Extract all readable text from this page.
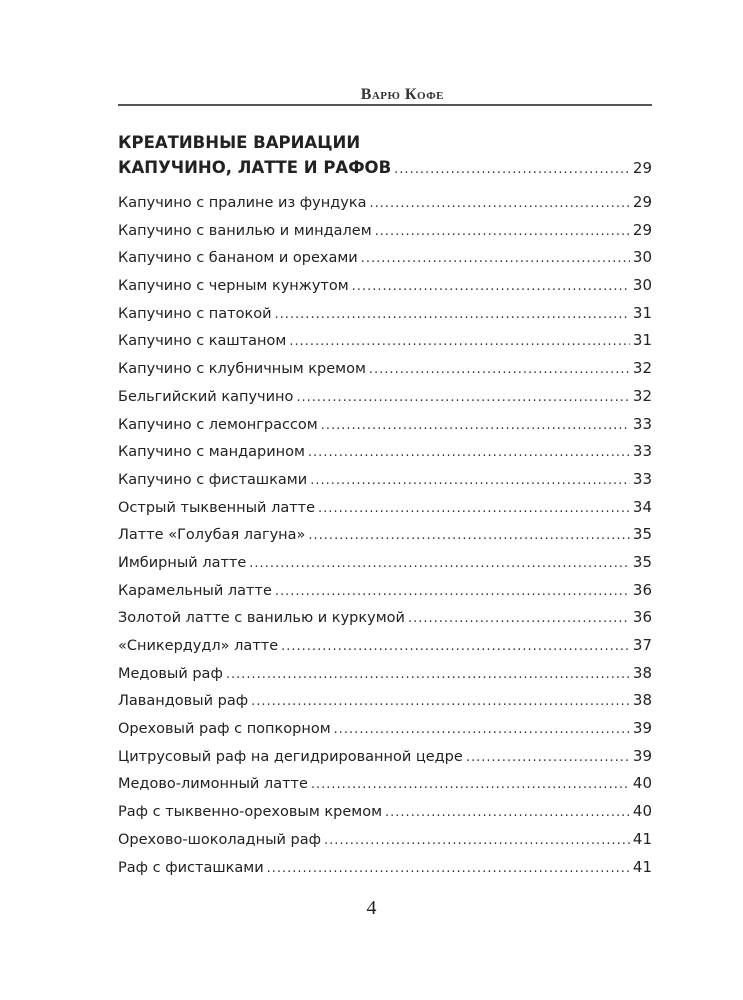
Варю Кофе
КРЕАТИВНЫЕ ВАРИАЦИИ
КАПУЧИНО, ЛАТТЕ И РАФОВ .....	29
Капучино с пралине из фундука .....	29
Капучино с ванилью и миндалем .....	29
Капучино с бананом и орехами .....	30
Капучино с черным кунжутом .....	30
Капучино с патокой .....	31
Капучино с каштаном .....	31
Капучино с клубничным кремом .....	32
Бельгийский капучино .....	32
Капучино с лемонграссом .....	33
Капучино с мандарином .....	33
Капучино с фисташками .....	33
Острый тыквенный латте .....	34
Латте «Голубая лагуна» .....	35
Имбирный латте .....	35
Карамельный латте .....	36
Золотой латте с ванилью и куркумой .....	36
«Сникердудл» латте .....	37
Медовый раф .....	38
Лавандовый раф .....	38
Ореховый раф с попкорном .....	39
Цитрусовый раф на дегидрированной цедре .....	39
Медово-лимонный латте .....	40
Раф с тыквенно-ореховым кремом .....	40
Орехово-шоколадный раф .....	41
Раф с фисташками .....	41
4
